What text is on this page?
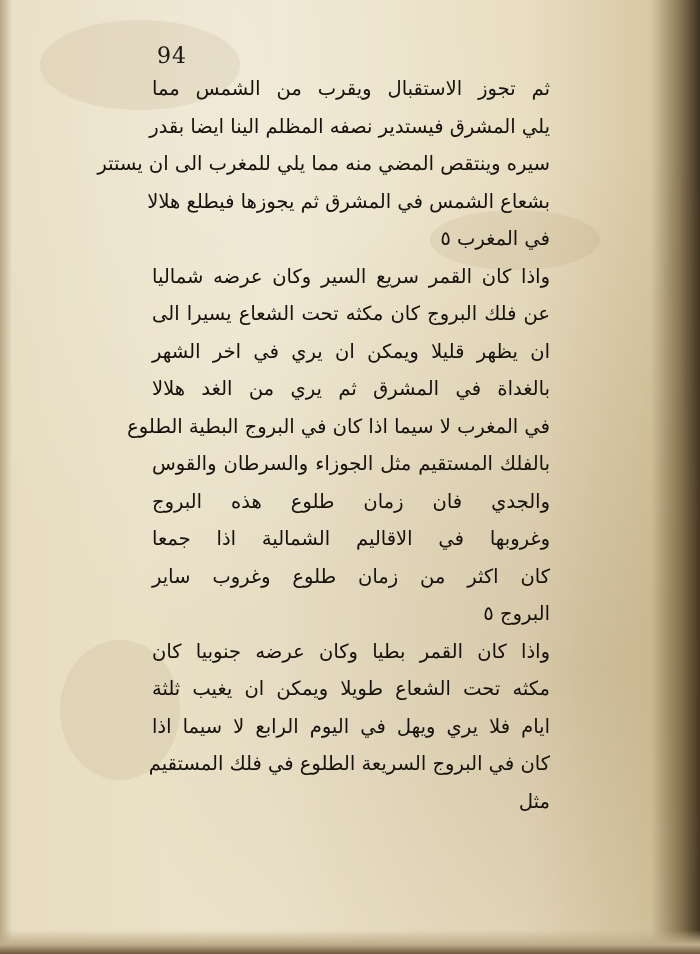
94
ثم تجوز الاستقبال ويقرب من الشمس مما
يلي المشرق فيستدير نصفه المظلم الينا ايضا بقدر
سيره وينتقص المضي منه مما يلي للمغرب الى ان يستتر
بشعاع الشمس في المشرق ثم يجوزها فيطلع هلالا
في المغرب ٥
واذا كان القمر سريع السير وكان عرضه شماليا
عن فلك البروج كان مكثه تحت الشعاع يسيرا الى
ان يظهر قليلا ويمكن ان يري في اخر الشهر
بالغداة في المشرق ثم يري من الغد هلالا
في المغرب لا سيما اذا كان في البروج البطية الطلوع
بالفلك المستقيم مثل الجوزاء والسرطان والقوس
والجدي فان زمان طلوع هذه البروج
وغروبها في الاقاليم الشمالية اذا جمعا
كان اكثر من زمان طلوع وغروب ساير
البروج ٥
واذا كان القمر بطيا وكان عرضه جنوبيا كان
مكثه تحت الشعاع طويلا ويمكن ان يغيب ثلثة
ايام فلا يري ويهل في اليوم الرابع لا سيما اذا
كان في البروج السريعة الطلوع في فلك المستقيم
مثل
